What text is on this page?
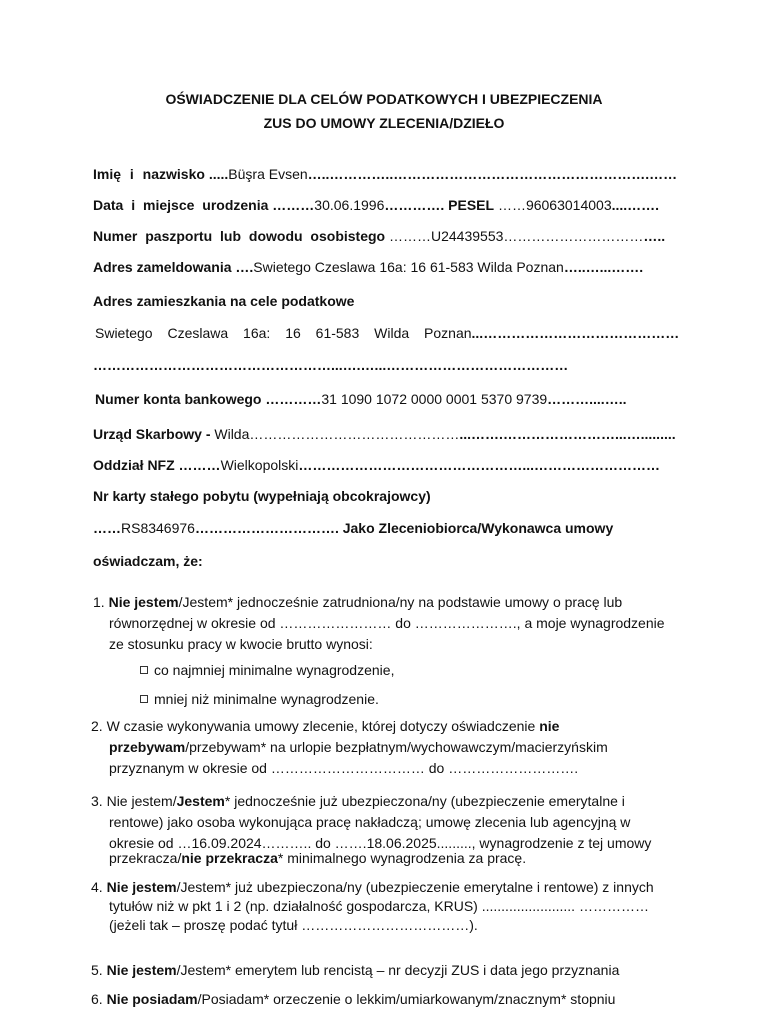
OŚWIADCZENIE DLA CELÓW PODATKOWYCH I UBEZPIECZENIA
ZUS DO UMOWY ZLECENIA/DZIEŁO
Imię i nazwisko .....Büşra Evsen…..…………..……………………………………………….……
Data i miejsce urodzenia ………30.06.1996…………. PESEL ……96063014003....…….
Numer paszportu lub dowodu osobistego ………U24439553……………………………..
Adres zameldowania ….Swietego Czeslawa 16a: 16 61-583 Wilda Poznan…..…...…….
Adres zamieszkania na cele podatkowe
Swietego Czeslawa 16a: 16 61-583 Wilda Poznan...……………………………………
……………………………………………...….…...…………………………………
Numer konta bankowego …………31 1090 1072 0000 0001 5370 9739………....…..
Urząd Skarbowy - Wilda………………………………………...…….……………………...….........
Oddział NFZ ………Wielkopolski…………………………………………...………………………
Nr karty stałego pobytu (wypełniają obcokrajowcy)
……RS8346976…………………………. Jako Zleceniobiorca/Wykonawca umowy
oświadczam, że:
1. Nie jestem/Jestem* jednocześnie zatrudniona/ny na podstawie umowy o pracę lub
równorzędnej w okresie od …………………… do …………………., a moje wynagrodzenie
ze stosunku pracy w kwocie brutto wynosi:
co najmniej minimalne wynagrodzenie,
mniej niż minimalne wynagrodzenie.
2. W czasie wykonywania umowy zlecenie, której dotyczy oświadczenie nie
przebywam/przebywam* na urlopie bezpłatnym/wychowawczym/macierzyńskim
przyznanym w okresie od …………………………… do ……………………….
3. Nie jestem/Jestem* jednocześnie już ubezpieczona/ny (ubezpieczenie emerytalne i
rentowe) jako osoba wykonująca pracę nakładczą; umowę zlecenia lub agencyjną w
okresie od …16.09.2024……….. do …….18.06.2025........., wynagrodzenie z tej umowy
przekracza/nie przekracza* minimalnego wynagrodzenia za pracę.
4. Nie jestem/Jestem* już ubezpieczona/ny (ubezpieczenie emerytalne i rentowe) z innych
tytułów niż w pkt 1 i 2 (np. działalność gospodarcza, KRUS) ........................ ……………
(jeżeli tak – proszę podać tytuł ………………………………).
5. Nie jestem/Jestem* emerytem lub rencistą – nr decyzji ZUS i data jego przyznania
6. Nie posiadam/Posiadam* orzeczenie o lekkim/umiarkowanym/znacznym* stopniu
